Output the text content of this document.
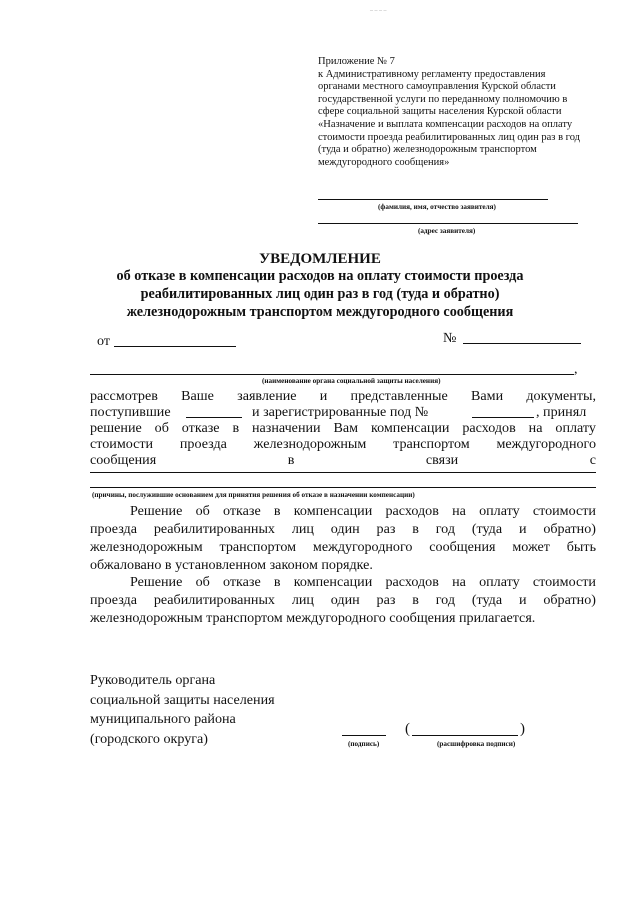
– – – –
Приложение № 7
к Административному регламенту предоставления
органами местного самоуправления Курской области
государственной услуги по переданному полномочию в
сфере социальной защиты населения Курской области
«Назначение и выплата компенсации расходов на оплату
стоимости проезда реабилитированных лиц один раз в год
(туда и обратно) железнодорожным транспортом
междугородного сообщения»
(фамилия, имя, отчество заявителя)
(адрес заявителя)
УВЕДОМЛЕНИЕ
об отказе в компенсации расходов на оплату стоимости проезда
реабилитированных лиц один раз в год (туда и обратно)
железнодорожным транспортом междугородного сообщения
от	№
,
(наименование органа социальной защиты населения)
рассмотрев Ваше заявление и представленные Вами документы,
поступившие	и зарегистрированные под №	, принял
решение об отказе в назначении Вам компенсации расходов на оплату
стоимости проезда железнодорожным транспортом междугородного
сообщения	в	связи	с
(причины, послужившие основанием для принятия решения об отказе в назначении компенсации)
Решение об отказе в компенсации расходов на оплату стоимости
проезда реабилитированных лиц один раз в год (туда и обратно)
железнодорожным транспортом междугородного сообщения может быть
обжаловано в установленном законом порядке.
Решение об отказе в компенсации расходов на оплату стоимости
проезда реабилитированных лиц один раз в год (туда и обратно)
железнодорожным транспортом междугородного сообщения прилагается.
Руководитель органа
социальной защиты населения
муниципального района
(городского округа)	(подпись)
(	)
(расшифровка подписи)
